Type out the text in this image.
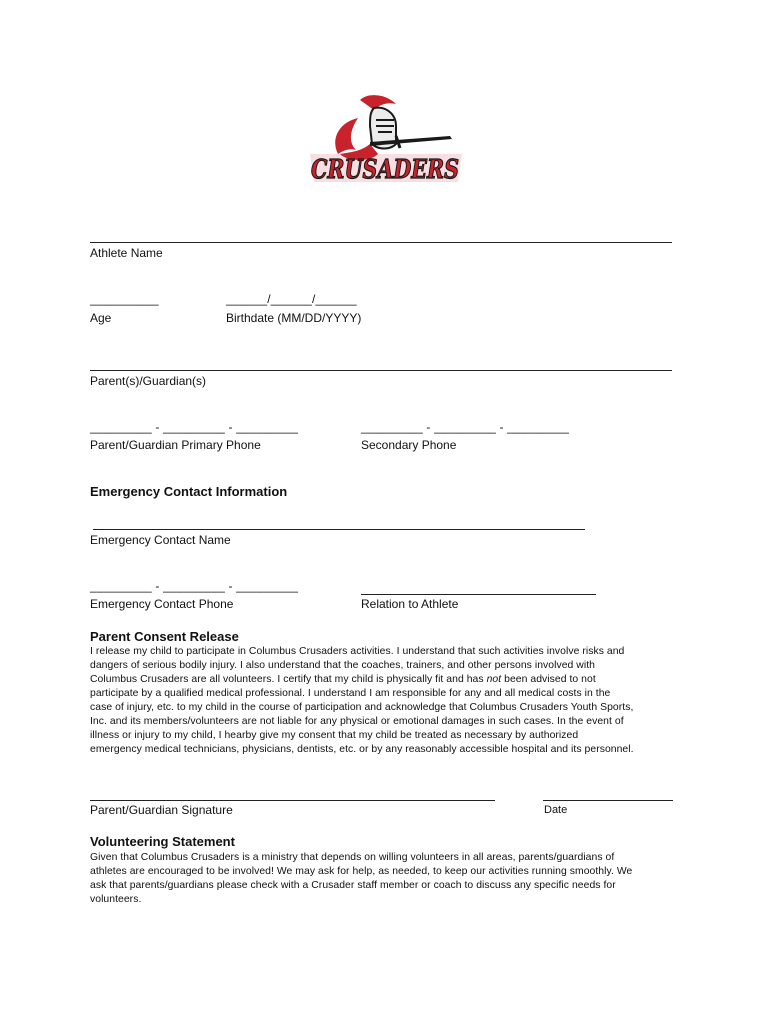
CRUSADERS
Athlete Name
__________
Age
______/______/______
Birthdate (MM/DD/YYYY)
Parent(s)/Guardian(s)
_________ - _________ - _________
Parent/Guardian Primary Phone
_________ - _________ - _________
Secondary Phone
Emergency Contact Information
Emergency Contact Name
_________ - _________ - _________
Emergency Contact Phone	Relation to Athlete
Parent Consent Release
I release my child to participate in Columbus Crusaders activities. I understand that such activities involve risks and
dangers of serious bodily injury. I also understand that the coaches, trainers, and other persons involved with
Columbus Crusaders are all volunteers. I certify that my child is physically fit and has not been advised to not
participate by a qualified medical professional. I understand I am responsible for any and all medical costs in the
case of injury, etc. to my child in the course of participation and acknowledge that Columbus Crusaders Youth Sports,
Inc. and its members/volunteers are not liable for any physical or emotional damages in such cases. In the event of
illness or injury to my child, I hearby give my consent that my child be treated as necessary by authorized
emergency medical technicians, physicians, dentists, etc. or by any reasonably accessible hospital and its personnel.
Parent/Guardian Signature	Date
Volunteering Statement
Given that Columbus Crusaders is a ministry that depends on willing volunteers in all areas, parents/guardians of
athletes are encouraged to be involved! We may ask for help, as needed, to keep our activities running smoothly. We
ask that parents/guardians please check with a Crusader staff member or coach to discuss any specific needs for
volunteers.
